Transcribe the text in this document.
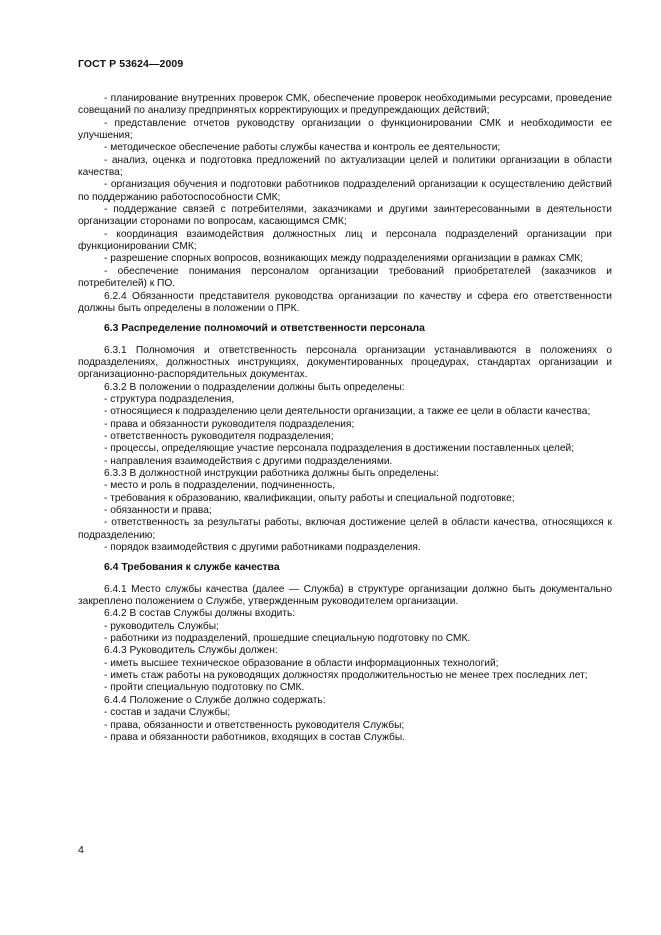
ГОСТ Р 53624—2009

- планирование внутренних проверок СМК, обеспечение проверок необходимыми ресурсами, проведение совещаний по анализу предпринятых корректирующих и предупреждающих действий;

- представление отчетов руководству организации о функционировании СМК и необходимости ее улучшения;

- методическое обеспечение работы службы качества и контроль ее деятельности;

- анализ, оценка и подготовка предложений по актуализации целей и политики организации в области качества;

- организация обучения и подготовки работников подразделений организации к осуществлению действий по поддержанию работоспособности СМК;

- поддержание связей с потребителями, заказчиками и другими заинтересованными в деятельности организации сторонами по вопросам, касающимся СМК;

- координация взаимодействия должностных лиц и персонала подразделений организации при функционировании СМК;

- разрешение спорных вопросов, возникающих между подразделениями организации в рамках СМК;

- обеспечение понимания персоналом организации требований приобретателей (заказчиков и потребителей) к ПО.

6.2.4 Обязанности представителя руководства организации по качеству и сфера его ответственности должны быть определены в положении о ПРК.

6.3 Распределение полномочий и ответственности персонала

6.3.1 Полномочия и ответственность персонала организации устанавливаются в положениях о подразделениях, должностных инструкциях, документированных процедурах, стандартах организации и организационно-распорядительных документах.

6.3.2 В положении о подразделении должны быть определены:

- структура подразделения,

- относящиеся к подразделению цели деятельности организации, а также ее цели в области качества;

- права и обязанности руководителя подразделения;

- ответственность руководителя подразделения;

- процессы, определяющие участие персонала подразделения в достижении поставленных целей;

- направления взаимодействия с другими подразделениями.

6.3.3 В должностной инструкции работника должны быть определены:

- место и роль в подразделении, подчиненность,

- требования к образованию, квалификации, опыту работы и специальной подготовке;

- обязанности и права;

- ответственность за результаты работы, включая достижение целей в области качества, относящихся к подразделению;

- порядок взаимодействия с другими работниками подразделения.

6.4 Требования к службе качества

6.4.1 Место службы качества (далее — Служба) в структуре организации должно быть документально закреплено положением о Службе, утвержденным руководителем организации.

6.4.2 В состав Службы должны входить:

- руководитель Службы;

- работники из подразделений, прошедшие специальную подготовку по СМК.

6.4.3 Руководитель Службы должен:

- иметь высшее техническое образование в области информационных технологий;

- иметь стаж работы на руководящих должностях продолжительностью не менее трех последних лет;

- пройти специальную подготовку по СМК.

6.4.4 Положение о Службе должно содержать:

- состав и задачи Службы;

- права, обязанности и ответственность руководителя Службы;

- права и обязанности работников, входящих в состав Службы.

4
